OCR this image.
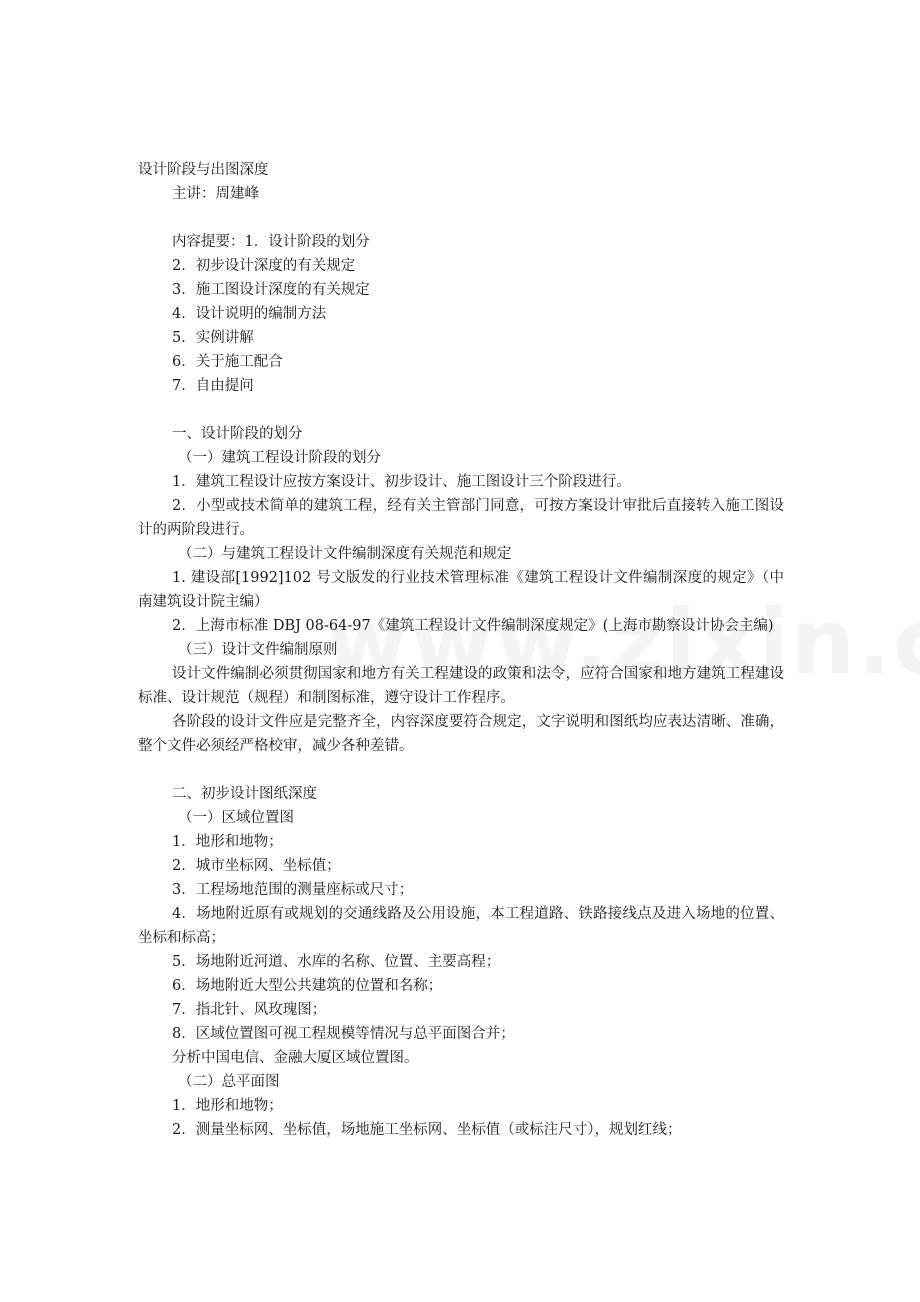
设计阶段与出图深度
主讲：周建峰
内容提要：1．设计阶段的划分
2．初步设计深度的有关规定
3．施工图设计深度的有关规定
4．设计说明的编制方法
5．实例讲解
6．关于施工配合
7．自由提问
一、设计阶段的划分
（一）建筑工程设计阶段的划分
1．建筑工程设计应按方案设计、初步设计、施工图设计三个阶段进行。
2．小型或技术简单的建筑工程，经有关主管部门同意，可按方案设计审批后直接转入施工图设计的两阶段进行。
（二）与建筑工程设计文件编制深度有关规范和规定
1. 建设部[1992]102 号文版发的行业技术管理标准《建筑工程设计文件编制深度的规定》（中南建筑设计院主编）
2．上海市标准 DBJ 08-64-97《建筑工程设计文件编制深度规定》(上海市勘察设计协会主编)
（三）设计文件编制原则
设计文件编制必须贯彻国家和地方有关工程建设的政策和法令，应符合国家和地方建筑工程建设标准、设计规范（规程）和制图标准，遵守设计工作程序。
各阶段的设计文件应是完整齐全，内容深度要符合规定，文字说明和图纸均应表达清晰、准确，整个文件必须经严格校审，减少各种差错。
二、初步设计图纸深度
（一）区域位置图
1．地形和地物；
2．城市坐标网、坐标值；
3．工程场地范围的测量座标或尺寸；
4．场地附近原有或规划的交通线路及公用设施，本工程道路、铁路接线点及进入场地的位置、坐标和标高；
5．场地附近河道、水库的名称、位置、主要高程；
6．场地附近大型公共建筑的位置和名称；
7．指北针、风玫瑰图；
8．区域位置图可视工程规模等情况与总平面图合并；
分析中国电信、金融大厦区域位置图。
（二）总平面图
1．地形和地物；
2．测量坐标网、坐标值，场地施工坐标网、坐标值（或标注尺寸），规划红线；
